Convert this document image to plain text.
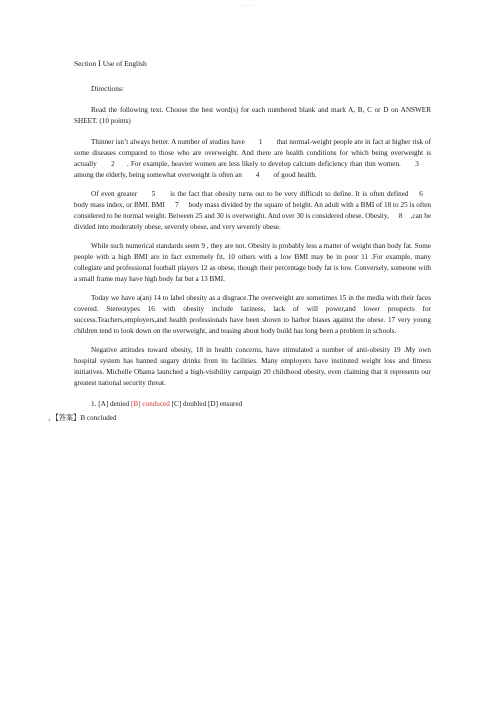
~~~
Section Ⅰ Use of English
Directions:

Read the following text. Choose the best word(s) for each numbered blank and mark A, B, C or D on ANSWER SHEET. (10 points)

Thinner isn’t always better. A number of studies have 1 that normal-weight people are in fact at higher risk of some diseases compared to those who are overweight. And there are health conditions for which being overweight is actually 2 . For example, heavier women are less likely to develop calcium deficiency than thin women. 3 among the elderly, being somewhat overweight is often an 4 of good health.

Of even greater 5 is the fact that obesity turns out to be very difficult to define. It is often defined 6 body mass index, or BMI. BMI 7 body mass divided by the square of height. An adult with a BMI of 18 to 25 is often considered to be normal weight. Between 25 and 30 is overweight. And over 30 is considered obese. Obesity, 8 ,can be divided into moderately obese, severely obese, and very severely obese.

While such numerical standards seem 9 , they are not. Obesity is probably less a matter of weight than body fat. Some people with a high BMI are in fact extremely fit, 10 others with a low BMI may be in poor 11 .For example, many collegiate and professional football players 12 as obese, though their percentage body fat is low. Conversely, someone with a small frame may have high body fat but a 13 BMI.

Today we have a(an) 14 to label obesity as a disgrace.The overweight are sometimes 15 in the media with their faces covered. Stereotypes 16 with obesity include laziness, lack of will power,and lower prospects for success.Teachers,employers,and health professionals have been shown to harbor biases against the obese. 17 very young children tend to look down on the overweight, and teasing about body build has long been a problem in schools.

Negative attitudes toward obesity, 18 in health concerns, have stimulated a number of anti-obesity 19 .My own hospital system has banned sugary drinks from its facilities. Many employers have instituted weight loss and fitness initiatives. Michelle Obama launched a high-visibility campaign 20 childhood obesity, even claiming that it represents our greatest national security threat.

1. [A] denied [B] conduced [C] doubled [D] ensured

、【答案】B concluded

· · · · · · · · ·
